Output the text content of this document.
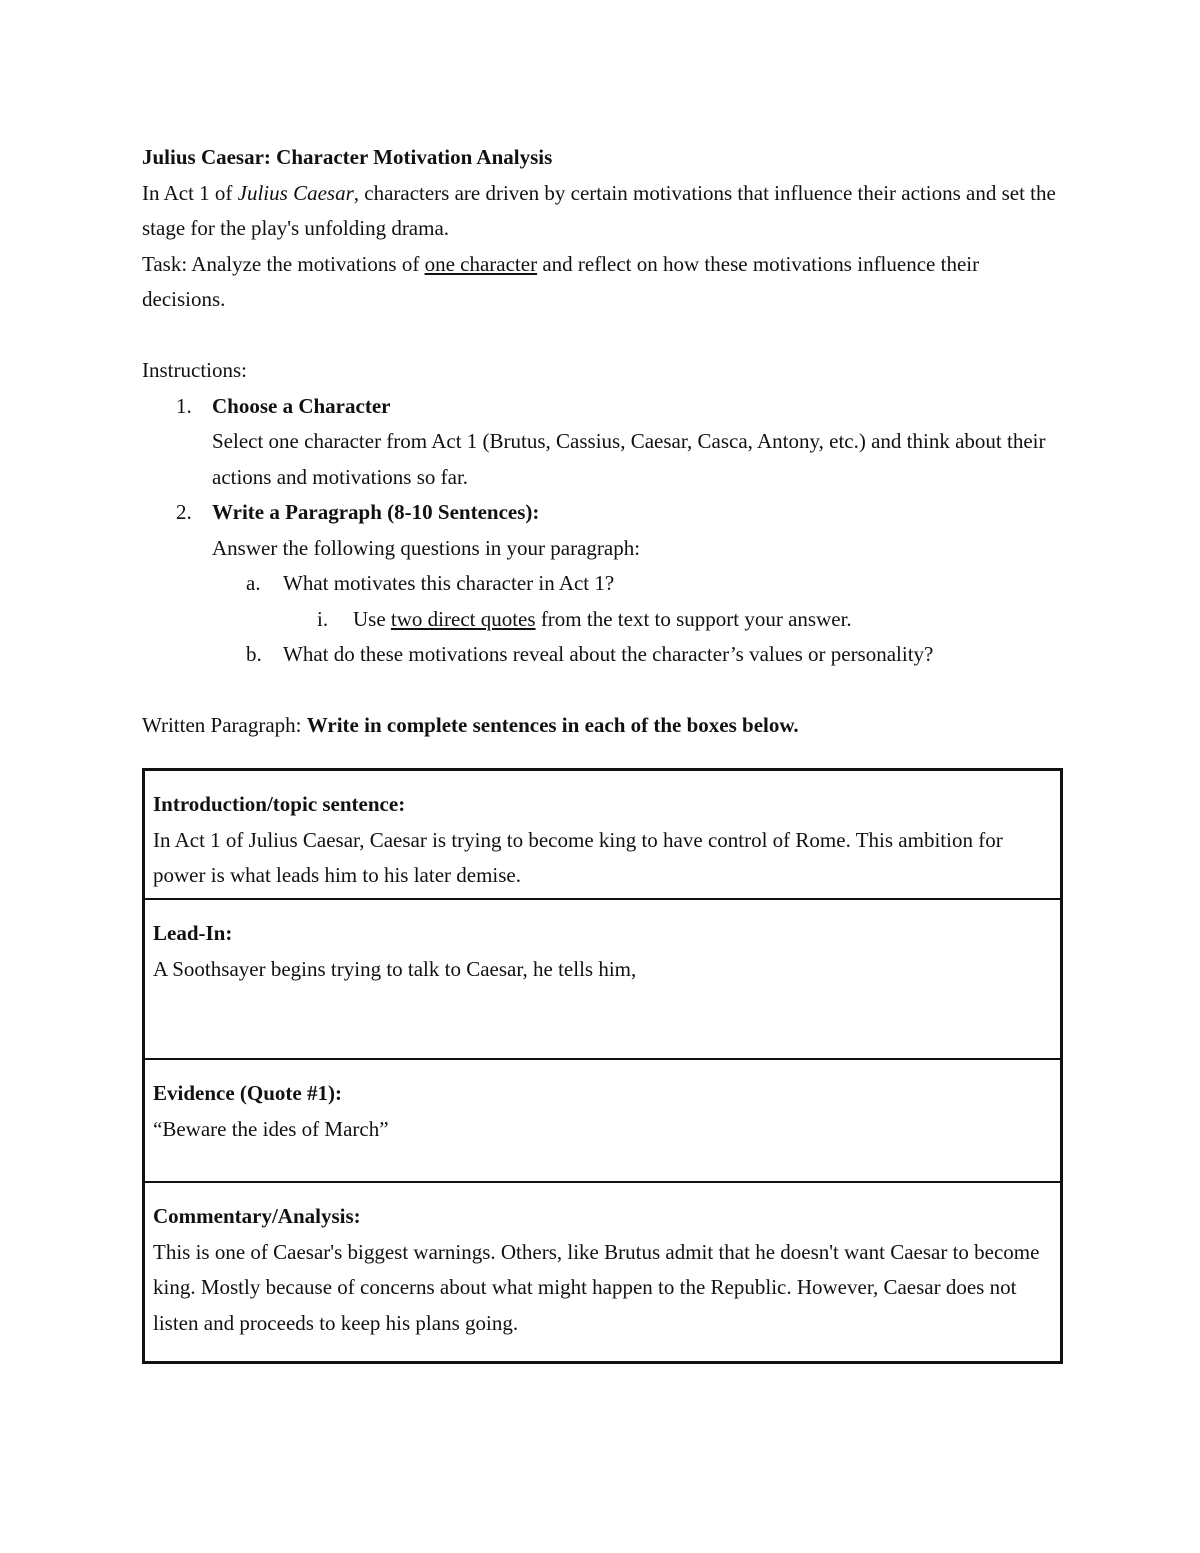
Julius Caesar: Character Motivation Analysis

In Act 1 of Julius Caesar, characters are driven by certain motivations that influence their actions and set the stage for the play's unfolding drama.

Task: Analyze the motivations of one character and reflect on how these motivations influence their decisions.

Instructions:

1. Choose a Character
Select one character from Act 1 (Brutus, Cassius, Caesar, Casca, Antony, etc.) and think about their actions and motivations so far.
2. Write a Paragraph (8-10 Sentences):
Answer the following questions in your paragraph:
a. What motivates this character in Act 1?
i. Use two direct quotes from the text to support your answer.
b. What do these motivations reveal about the character’s values or personality?

Written Paragraph: Write in complete sentences in each of the boxes below.

Introduction/topic sentence:
In Act 1 of Julius Caesar, Caesar is trying to become king to have control of Rome. This ambition for power is what leads him to his later demise.
Lead-In:
A Soothsayer begins trying to talk to Caesar, he tells him,
Evidence (Quote #1):
“Beware the ides of March”
Commentary/Analysis:
This is one of Caesar's biggest warnings. Others, like Brutus admit that he doesn't want Caesar to become king. Mostly because of concerns about what might happen to the Republic. However, Caesar does not listen and proceeds to keep his plans going.
